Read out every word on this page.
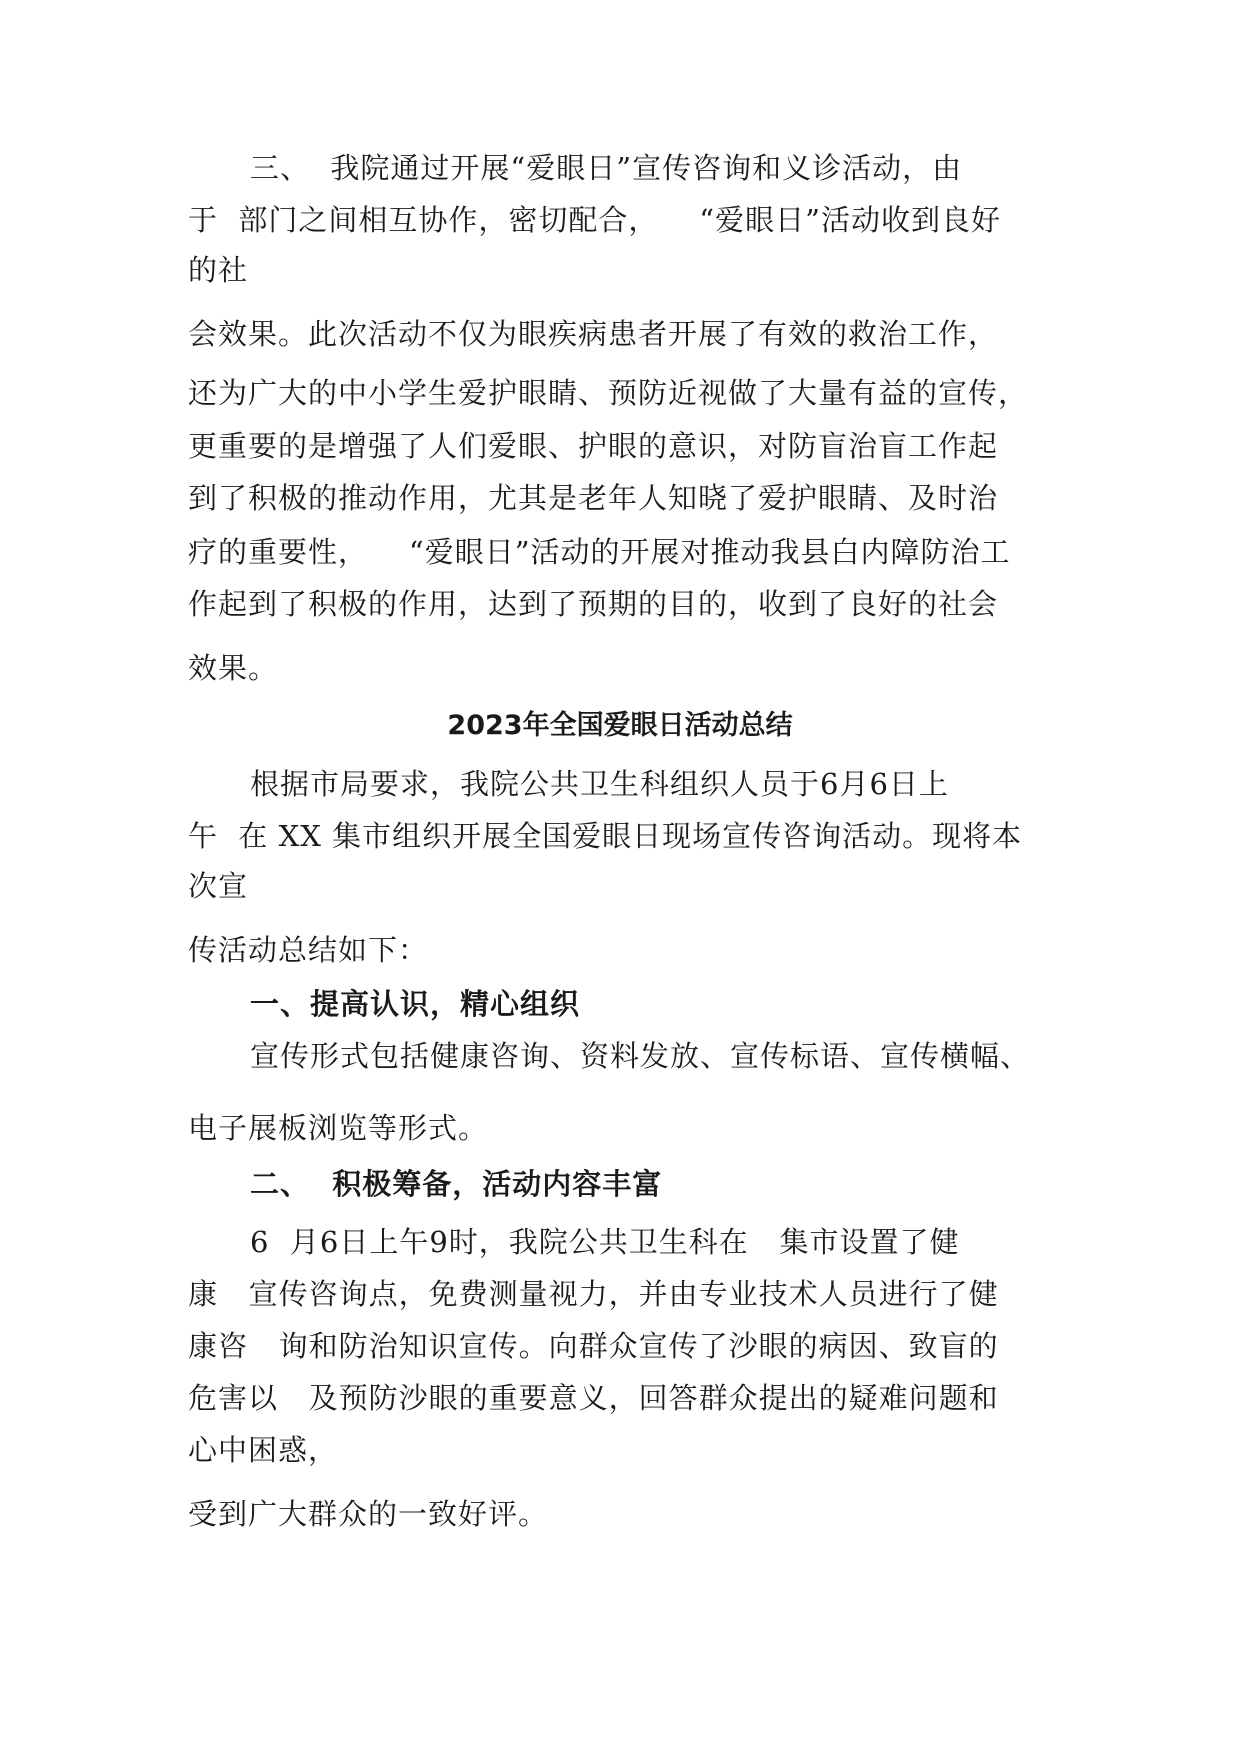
三、  我院通过开展“爱眼日”宣传咨询和义诊活动，由
于  部门之间相互协作，密切配合，    “爱眼日”活动收到良好
的社
会效果。此次活动不仅为眼疾病患者开展了有效的救治工作，
还为广大的中小学生爱护眼睛、预防近视做了大量有益的宣传，
更重要的是增强了人们爱眼、护眼的意识，对防盲治盲工作起
到了积极的推动作用，尤其是老年人知晓了爱护眼睛、及时治
疗的重要性，    “爱眼日”活动的开展对推动我县白内障防治工
作起到了积极的作用，达到了预期的目的，收到了良好的社会
效果。
2023年全国爱眼日活动总结
根据市局要求，我院公共卫生科组织人员于6月6日上
午  在 XX 集市组织开展全国爱眼日现场宣传咨询活动。现将本
次宣
传活动总结如下：
一、提高认识，精心组织
宣传形式包括健康咨询、资料发放、宣传标语、宣传横幅、
电子展板浏览等形式。
二、  积极筹备，活动内容丰富
6  月6日上午9时，我院公共卫生科在   集市设置了健
康   宣传咨询点，免费测量视力，并由专业技术人员进行了健
康咨   询和防治知识宣传。向群众宣传了沙眼的病因、致盲的
危害以   及预防沙眼的重要意义，回答群众提出的疑难问题和
心中困惑，
受到广大群众的一致好评。
